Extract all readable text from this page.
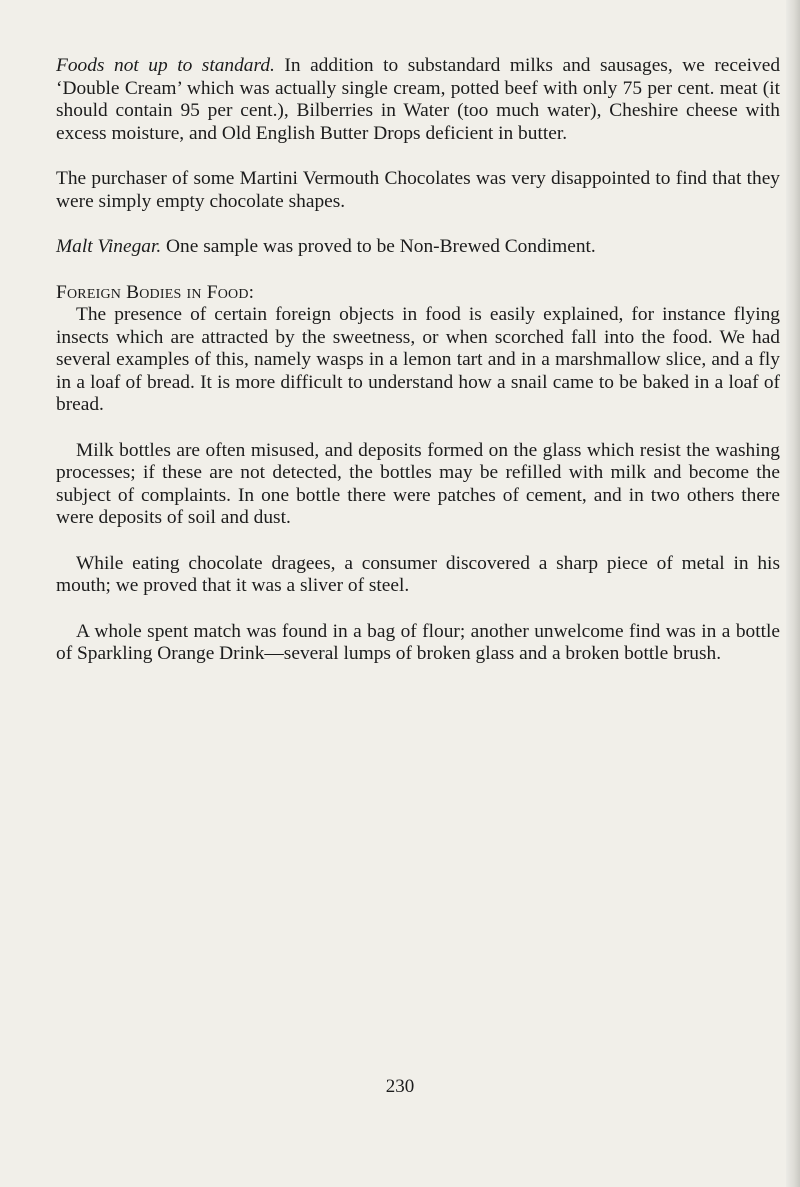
Foods not up to standard. In addition to substandard milks and sausages, we received ‘Double Cream’ which was actually single cream, potted beef with only 75 per cent. meat (it should contain 95 per cent.), Bilberries in Water (too much water), Cheshire cheese with excess moisture, and Old English Butter Drops deficient in butter.

The purchaser of some Martini Vermouth Chocolates was very disappointed to find that they were simply empty chocolate shapes.

Malt Vinegar. One sample was proved to be Non-Brewed Condiment.

Foreign Bodies in Food:

The presence of certain foreign objects in food is easily explained, for instance flying insects which are attracted by the sweetness, or when scorched fall into the food. We had several examples of this, namely wasps in a lemon tart and in a marshmallow slice, and a fly in a loaf of bread. It is more difficult to understand how a snail came to be baked in a loaf of bread.

Milk bottles are often misused, and deposits formed on the glass which resist the washing processes; if these are not detected, the bottles may be refilled with milk and become the subject of complaints. In one bottle there were patches of cement, and in two others there were deposits of soil and dust.

While eating chocolate dragees, a consumer discovered a sharp piece of metal in his mouth; we proved that it was a sliver of steel.

A whole spent match was found in a bag of flour; another unwelcome find was in a bottle of Sparkling Orange Drink—several lumps of broken glass and a broken bottle brush.

230
